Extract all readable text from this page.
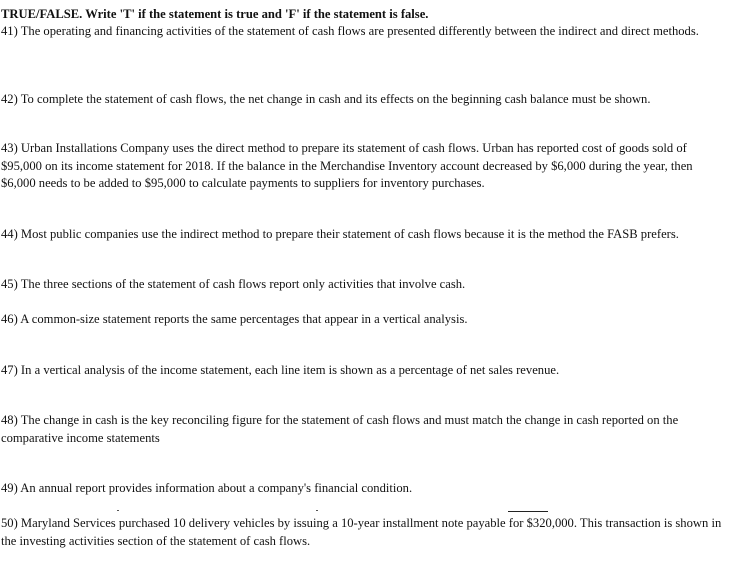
TRUE/FALSE. Write 'T' if the statement is true and 'F' if the statement is false.

41) The operating and financing activities of the statement of cash flows are presented differently between the indirect and direct methods.

42) To complete the statement of cash flows, the net change in cash and its effects on the beginning cash balance must be shown.

43) Urban Installations Company uses the direct method to prepare its statement of cash flows. Urban has reported cost of goods sold of $95,000 on its income statement for 2018. If the balance in the Merchandise Inventory account decreased by $6,000 during the year, then $6,000 needs to be added to $95,000 to calculate payments to suppliers for inventory purchases.

44) Most public companies use the indirect method to prepare their statement of cash flows because it is the method the FASB prefers.

45) The three sections of the statement of cash flows report only activities that involve cash.

46) A common-size statement reports the same percentages that appear in a vertical analysis.

47) In a vertical analysis of the income statement, each line item is shown as a percentage of net sales revenue.

48) The change in cash is the key reconciling figure for the statement of cash flows and must match the change in cash reported on the comparative income statements

49) An annual report provides information about a company's financial condition.

50) Maryland Services purchased 10 delivery vehicles by issuing a 10-year installment note payable for $320,000. This transaction is shown in the investing activities section of the statement of cash flows.
